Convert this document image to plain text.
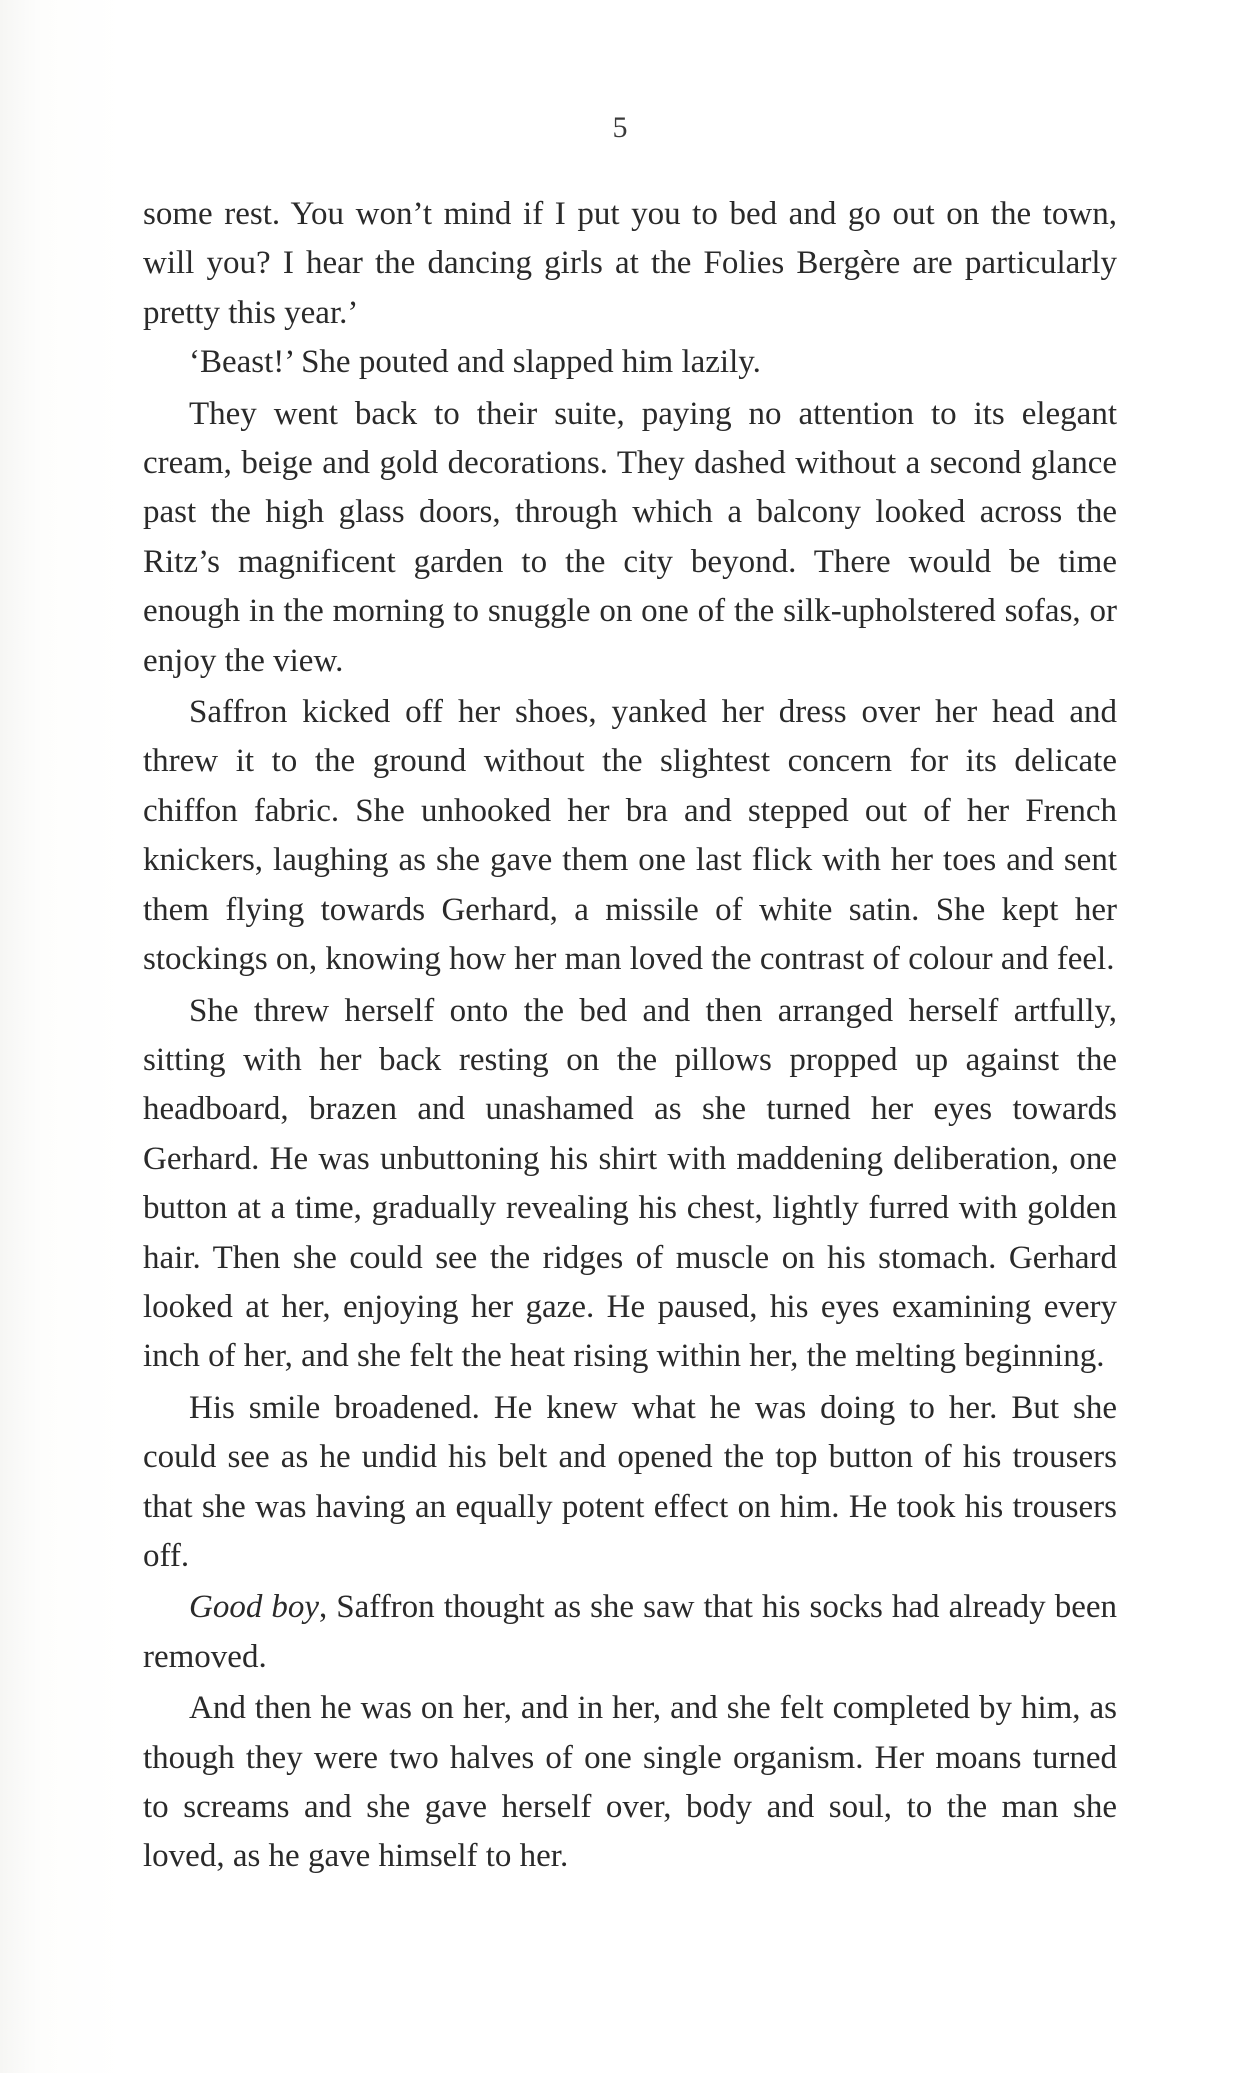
5

some rest. You won’t mind if I put you to bed and go out on the town, will you? I hear the dancing girls at the Folies Bergère are particularly pretty this year.’

‘Beast!’ She pouted and slapped him lazily.

They went back to their suite, paying no attention to its elegant cream, beige and gold decorations. They dashed without a second glance past the high glass doors, through which a balcony looked across the Ritz’s magnificent garden to the city beyond. There would be time enough in the morning to snuggle on one of the silk-upholstered sofas, or enjoy the view.

Saffron kicked off her shoes, yanked her dress over her head and threw it to the ground without the slightest concern for its delicate chiffon fabric. She unhooked her bra and stepped out of her French knickers, laughing as she gave them one last flick with her toes and sent them flying towards Gerhard, a missile of white satin. She kept her stockings on, knowing how her man loved the contrast of colour and feel.

She threw herself onto the bed and then arranged herself artfully, sitting with her back resting on the pillows propped up against the headboard, brazen and unashamed as she turned her eyes towards Gerhard. He was unbuttoning his shirt with maddening deliberation, one button at a time, gradually revealing his chest, lightly furred with golden hair. Then she could see the ridges of muscle on his stomach. Gerhard looked at her, enjoying her gaze. He paused, his eyes examining every inch of her, and she felt the heat rising within her, the melting beginning.

His smile broadened. He knew what he was doing to her. But she could see as he undid his belt and opened the top button of his trousers that she was having an equally potent effect on him. He took his trousers off.

Good boy, Saffron thought as she saw that his socks had already been removed.

And then he was on her, and in her, and she felt completed by him, as though they were two halves of one single organism. Her moans turned to screams and she gave herself over, body and soul, to the man she loved, as he gave himself to her.
